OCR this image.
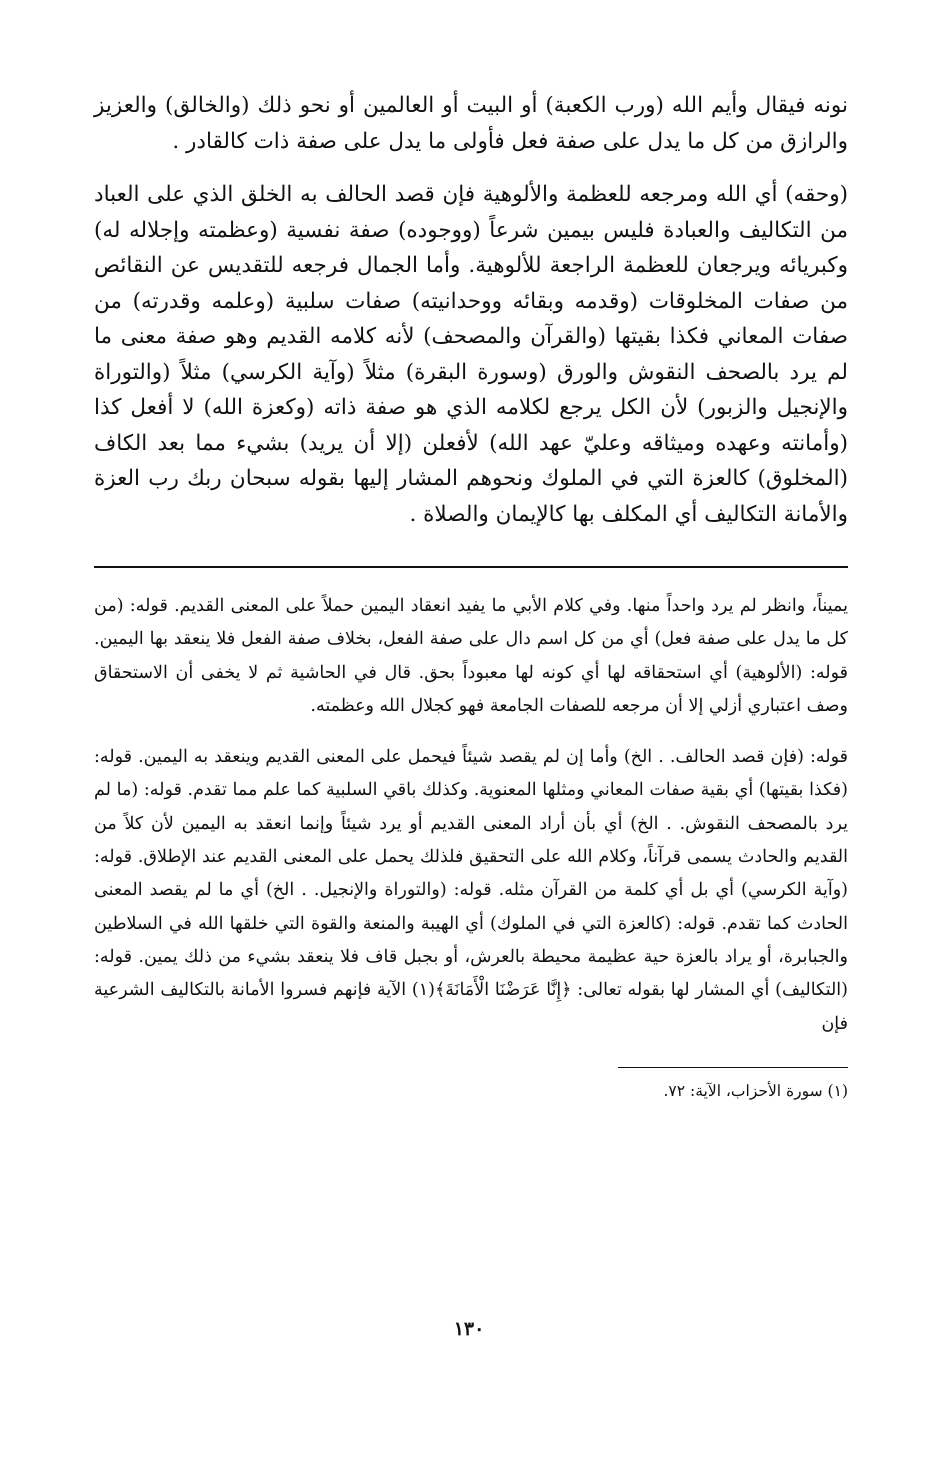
نونه فيقال وأيم الله (ورب الكعبة) أو البيت أو العالمين أو نحو ذلك (والخالق) والعزيز والرازق من كل ما يدل على صفة فعل فأولى ما يدل على صفة ذات كالقادر .

(وحقه) أي الله ومرجعه للعظمة والألوهية فإن قصد الحالف به الخلق الذي على العباد من التكاليف والعبادة فليس بيمين شرعاً (ووجوده) صفة نفسية (وعظمته وإجلاله له) وكبريائه ويرجعان للعظمة الراجعة للألوهية. وأما الجمال فرجعه للتقديس عن النقائص من صفات المخلوقات (وقدمه وبقائه ووحدانيته) صفات سلبية (وعلمه وقدرته) من صفات المعاني فكذا بقيتها (والقرآن والمصحف) لأنه كلامه القديم وهو صفة معنى ما لم يرد بالصحف النقوش والورق (وسورة البقرة) مثلاً (وآية الكرسي) مثلاً (والتوراة والإنجيل والزبور) لأن الكل يرجع لكلامه الذي هو صفة ذاته (وكعزة الله) لا أفعل كذا (وأمانته وعهده وميثاقه وعليّ عهد الله) لأفعلن (إلا أن يريد) بشيء مما بعد الكاف (المخلوق) كالعزة التي في الملوك ونحوهم المشار إليها بقوله سبحان ربك رب العزة والأمانة التكاليف أي المكلف بها كالإيمان والصلاة .

يميناً، وانظر لم يرد واحداً منها. وفي كلام الأبي ما يفيد انعقاد اليمين حملاً على المعنى القديم. قوله: (من كل ما يدل على صفة فعل) أي من كل اسم دال على صفة الفعل، بخلاف صفة الفعل فلا ينعقد بها اليمين. قوله: (الألوهية) أي استحقاقه لها أي كونه لها معبوداً بحق. قال في الحاشية ثم لا يخفى أن الاستحقاق وصف اعتباري أزلي إلا أن مرجعه للصفات الجامعة فهو كجلال الله وعظمته.

قوله: (فإن قصد الحالف. . الخ) وأما إن لم يقصد شيئاً فيحمل على المعنى القديم وينعقد به اليمين. قوله: (فكذا بقيتها) أي بقية صفات المعاني ومثلها المعنوية. وكذلك باقي السلبية كما علم مما تقدم. قوله: (ما لم يرد بالمصحف النقوش. . الخ) أي بأن أراد المعنى القديم أو يرد شيئاً وإنما انعقد به اليمين لأن كلاً من القديم والحادث يسمى قرآناً، وكلام الله على التحقيق فلذلك يحمل على المعنى القديم عند الإطلاق. قوله: (وآية الكرسي) أي بل أي كلمة من القرآن مثله. قوله: (والتوراة والإنجيل. . الخ) أي ما لم يقصد المعنى الحادث كما تقدم. قوله: (كالعزة التي في الملوك) أي الهيبة والمنعة والقوة التي خلقها الله في السلاطين والجبابرة، أو يراد بالعزة حية عظيمة محيطة بالعرش، أو بجبل قاف فلا ينعقد بشيء من ذلك يمين. قوله: (التكاليف) أي المشار لها بقوله تعالى: ﴿إِنَّا عَرَضْنَا الْأَمَانَةَ﴾(١) الآية فإنهم فسروا الأمانة بالتكاليف الشرعية فإن

(١) سورة الأحزاب، الآية: ٧٢.

١٣٠
